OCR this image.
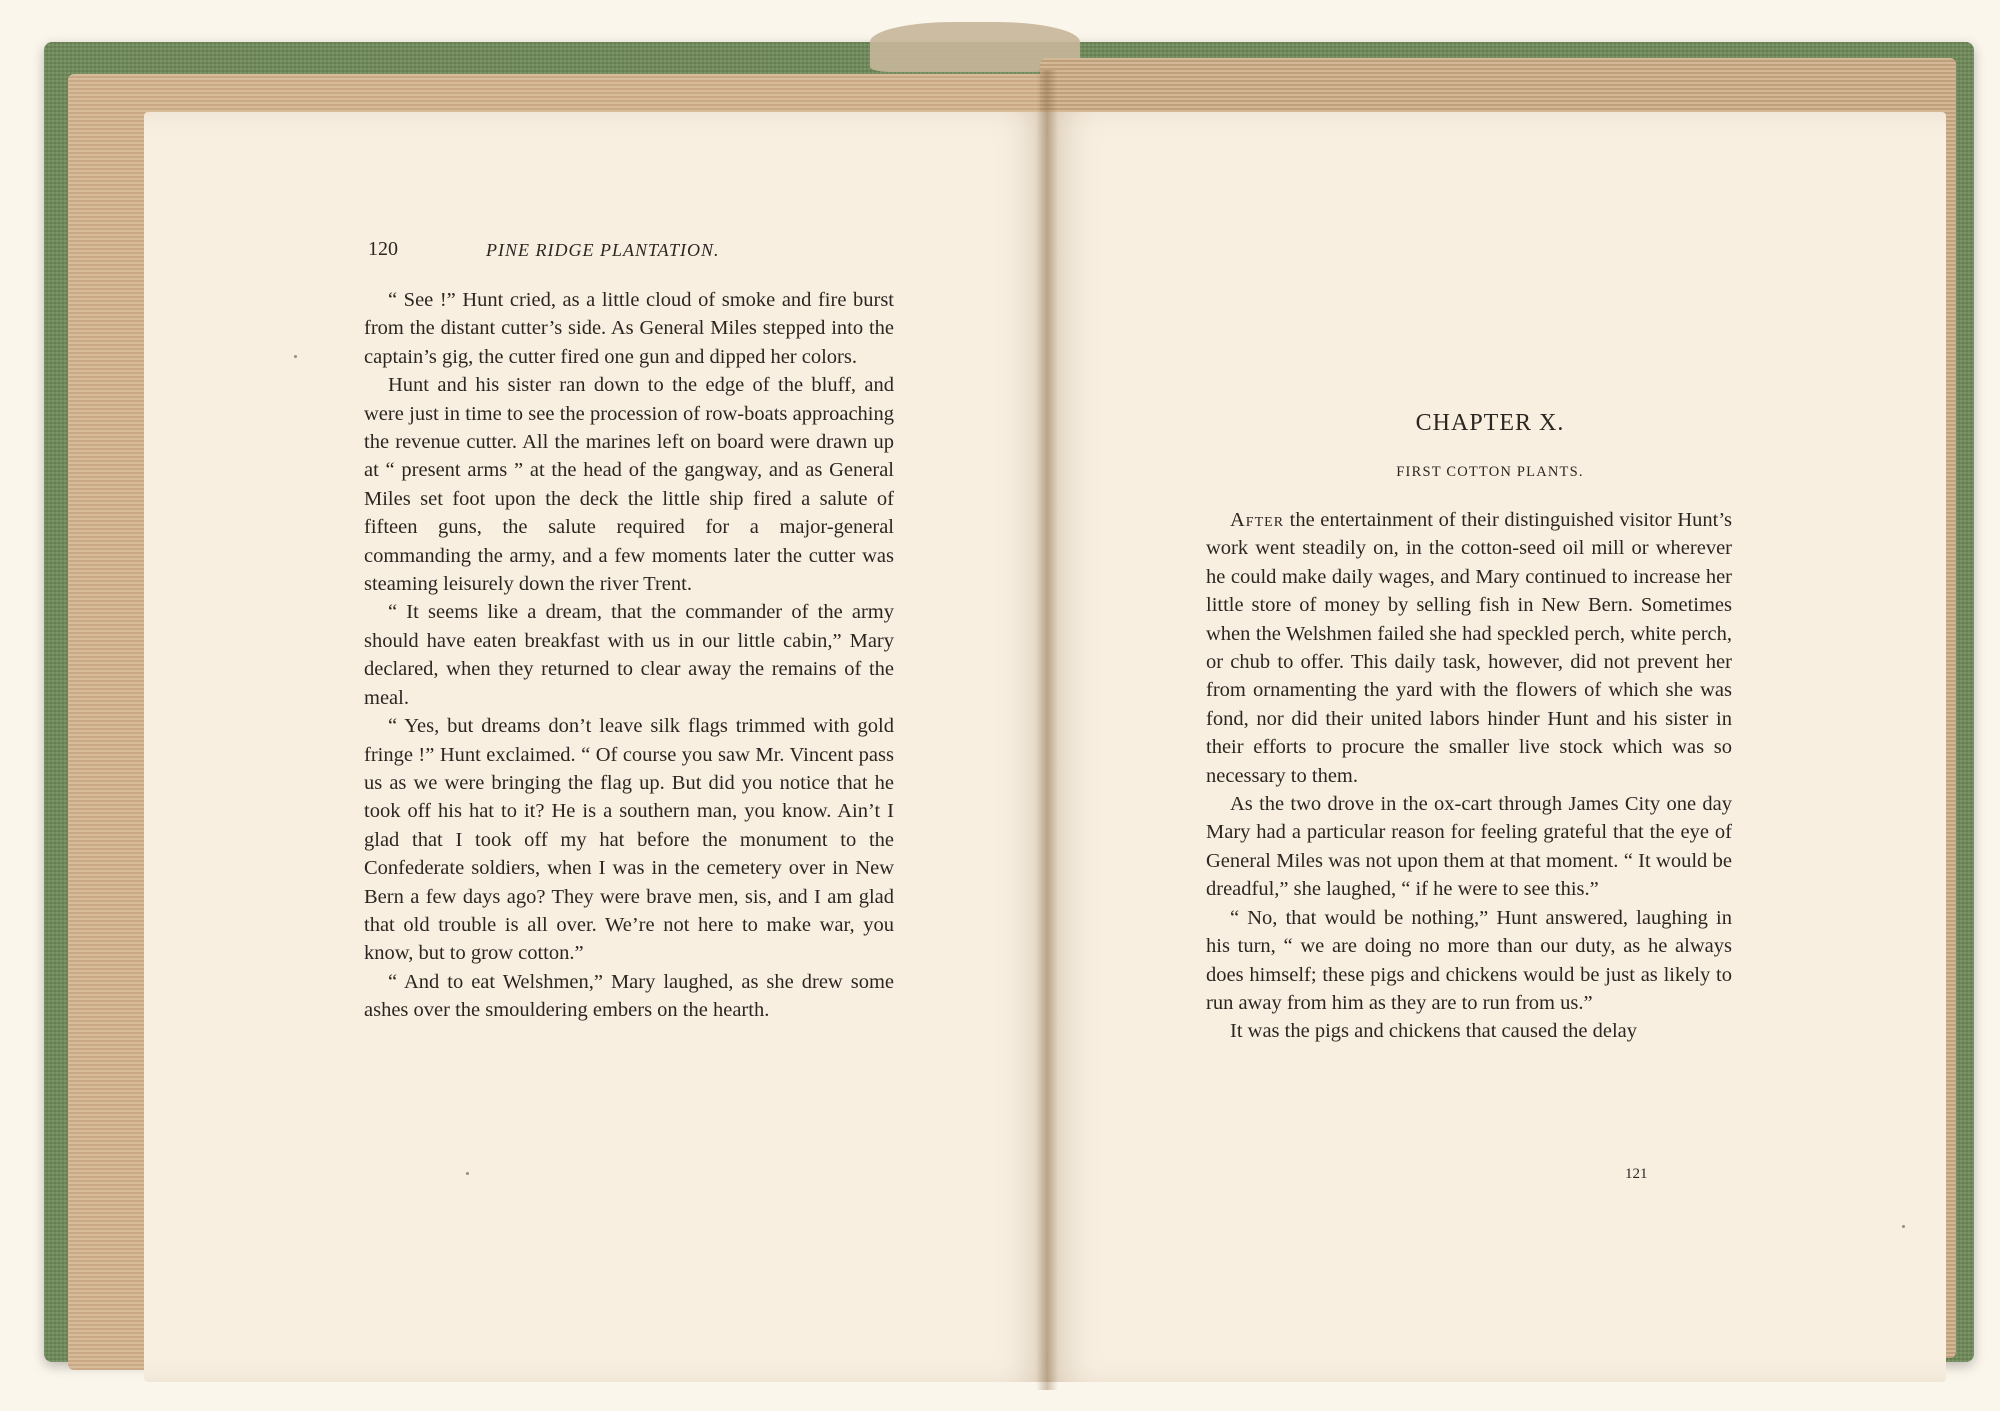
120	PINE RIDGE PLANTATION.

“ See !” Hunt cried, as a little cloud of smoke and fire burst from the distant cutter’s side. As General Miles stepped into the captain’s gig, the cutter fired one gun and dipped her colors.

Hunt and his sister ran down to the edge of the bluff, and were just in time to see the procession of row-boats approaching the revenue cutter. All the marines left on board were drawn up at “ present arms ” at the head of the gangway, and as General Miles set foot upon the deck the little ship fired a salute of fifteen guns, the salute required for a major-general commanding the army, and a few moments later the cutter was steaming leisurely down the river Trent.

“ It seems like a dream, that the commander of the army should have eaten breakfast with us in our little cabin,” Mary declared, when they returned to clear away the remains of the meal.

“ Yes, but dreams don’t leave silk flags trimmed with gold fringe !” Hunt exclaimed. “ Of course you saw Mr. Vincent pass us as we were bringing the flag up. But did you notice that he took off his hat to it? He is a southern man, you know. Ain’t I glad that I took off my hat before the monument to the Confederate soldiers, when I was in the cemetery over in New Bern a few days ago? They were brave men, sis, and I am glad that old trouble is all over. We’re not here to make war, you know, but to grow cotton.”

“ And to eat Welshmen,” Mary laughed, as she drew some ashes over the smouldering embers on the hearth.

CHAPTER X.
FIRST COTTON PLANTS.

After the entertainment of their distinguished visitor Hunt’s work went steadily on, in the cotton-seed oil mill or wherever he could make daily wages, and Mary continued to increase her little store of money by selling fish in New Bern. Sometimes when the Welshmen failed she had speckled perch, white perch, or chub to offer. This daily task, however, did not prevent her from ornamenting the yard with the flowers of which she was fond, nor did their united labors hinder Hunt and his sister in their efforts to procure the smaller live stock which was so necessary to them.

As the two drove in the ox-cart through James City one day Mary had a particular reason for feeling grateful that the eye of General Miles was not upon them at that moment. “ It would be dreadful,” she laughed, “ if he were to see this.”

“ No, that would be nothing,” Hunt answered, laughing in his turn, “ we are doing no more than our duty, as he always does himself; these pigs and chickens would be just as likely to run away from him as they are to run from us.”

It was the pigs and chickens that caused the delay

121
